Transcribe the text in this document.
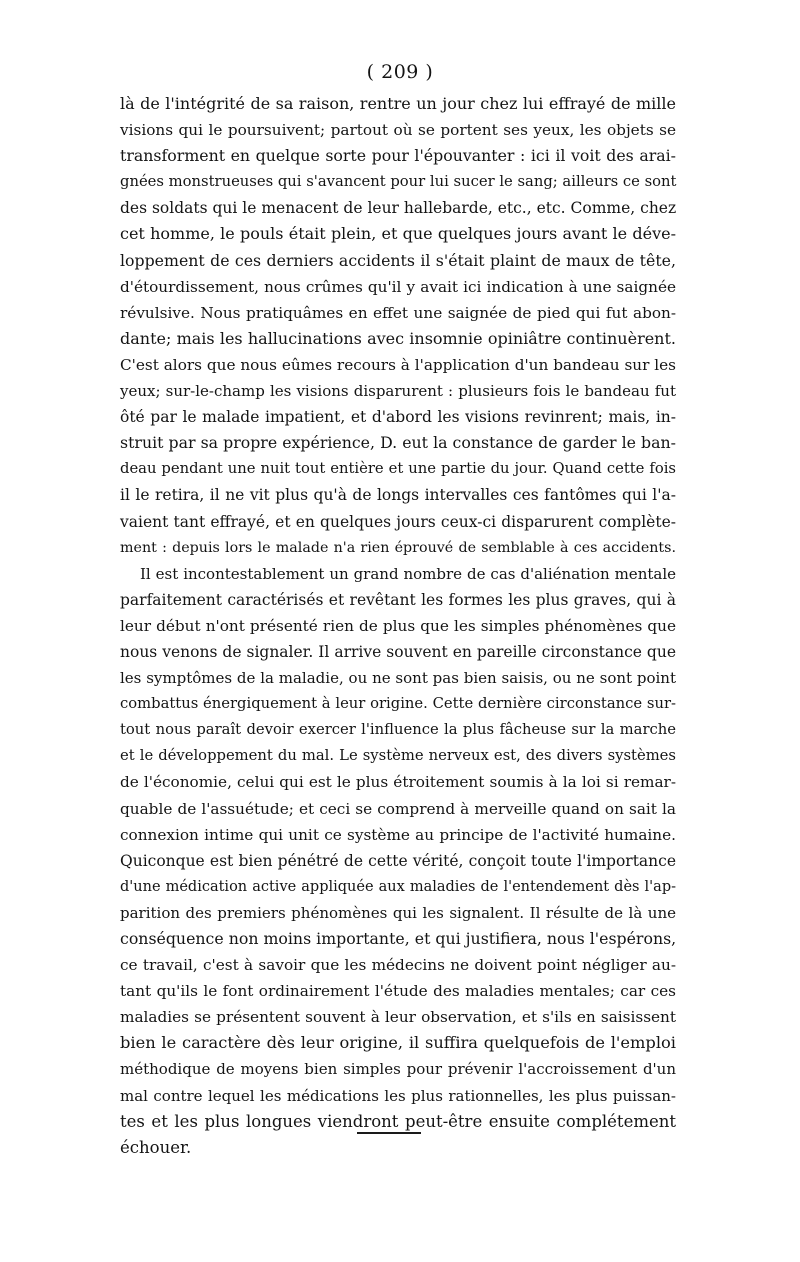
( 209 )
là de l'intégrité de sa raison, rentre un jour chez lui effrayé de mille
visions qui le poursuivent; partout où se portent ses yeux, les objets se
transforment en quelque sorte pour l'épouvanter : ici il voit des arai-
gnées monstrueuses qui s'avancent pour lui sucer le sang; ailleurs ce sont
des soldats qui le menacent de leur hallebarde, etc., etc. Comme, chez
cet homme, le pouls était plein, et que quelques jours avant le déve-
loppement de ces derniers accidents il s'était plaint de maux de tête,
d'étourdissement, nous crûmes qu'il y avait ici indication à une saignée
révulsive. Nous pratiquâmes en effet une saignée de pied qui fut abon-
dante; mais les hallucinations avec insomnie opiniâtre continuèrent.
C'est alors que nous eûmes recours à l'application d'un bandeau sur les
yeux; sur-le-champ les visions disparurent : plusieurs fois le bandeau fut
ôté par le malade impatient, et d'abord les visions revinrent; mais, in-
struit par sa propre expérience, D. eut la constance de garder le ban-
deau pendant une nuit tout entière et une partie du jour. Quand cette fois
il le retira, il ne vit plus qu'à de longs intervalles ces fantômes qui l'a-
vaient tant effrayé, et en quelques jours ceux-ci disparurent complète-
ment : depuis lors le malade n'a rien éprouvé de semblable à ces accidents.
Il est incontestablement un grand nombre de cas d'aliénation mentale
parfaitement caractérisés et revêtant les formes les plus graves, qui à
leur début n'ont présenté rien de plus que les simples phénomènes que
nous venons de signaler. Il arrive souvent en pareille circonstance que
les symptômes de la maladie, ou ne sont pas bien saisis, ou ne sont point
combattus énergiquement à leur origine. Cette dernière circonstance sur-
tout nous paraît devoir exercer l'influence la plus fâcheuse sur la marche
et le développement du mal. Le système nerveux est, des divers systèmes
de l'économie, celui qui est le plus étroitement soumis à la loi si remar-
quable de l'assuétude; et ceci se comprend à merveille quand on sait la
connexion intime qui unit ce système au principe de l'activité humaine.
Quiconque est bien pénétré de cette vérité, conçoit toute l'importance
d'une médication active appliquée aux maladies de l'entendement dès l'ap-
parition des premiers phénomènes qui les signalent. Il résulte de là une
conséquence non moins importante, et qui justifiera, nous l'espérons,
ce travail, c'est à savoir que les médecins ne doivent point négliger au-
tant qu'ils le font ordinairement l'étude des maladies mentales; car ces
maladies se présentent souvent à leur observation, et s'ils en saisissent
bien le caractère dès leur origine, il suffira quelquefois de l'emploi
méthodique de moyens bien simples pour prévenir l'accroissement d'un
mal contre lequel les médications les plus rationnelles, les plus puissan-
tes et les plus longues viendront peut-être ensuite complétement
échouer.
